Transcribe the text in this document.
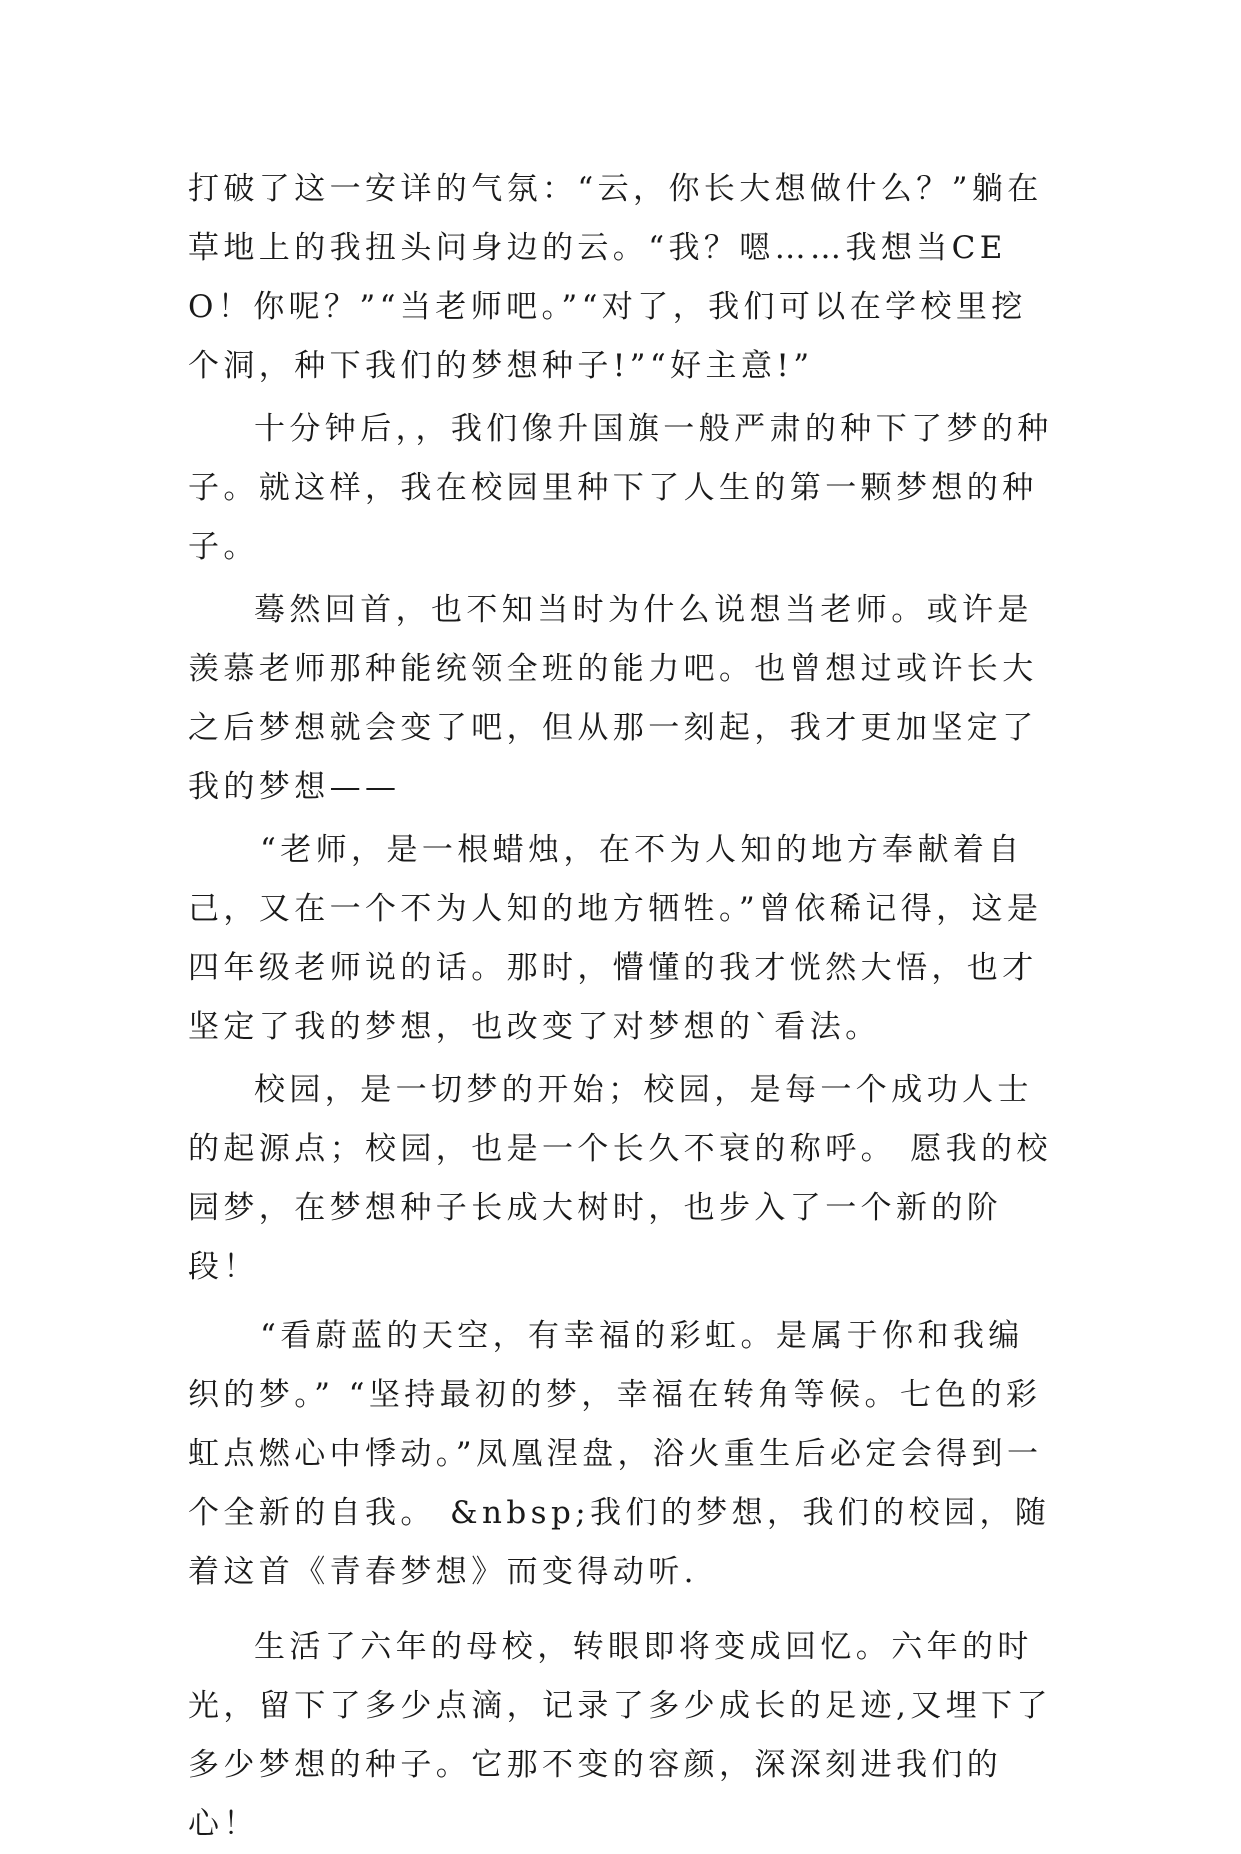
打破了这一安详的气氛：“云，你长大想做什么？”躺在草地上的我扭头问身边的云。“我？嗯……我想当CEO！你呢？”“当老师吧。”“对了，我们可以在学校里挖个洞，种下我们的梦想种子!”“好主意!”

十分钟后，，我们像升国旗一般严肃的种下了梦的种子。就这样，我在校园里种下了人生的第一颗梦想的种子。

蓦然回首，也不知当时为什么说想当老师。或许是羡慕老师那种能统领全班的能力吧。也曾想过或许长大之后梦想就会变了吧，但从那一刻起，我才更加坚定了我的梦想——

“老师，是一根蜡烛，在不为人知的地方奉献着自己，又在一个不为人知的地方牺牲。”曾依稀记得，这是四年级老师说的话。那时，懵懂的我才恍然大悟，也才坚定了我的梦想，也改变了对梦想的`看法。

校园，是一切梦的开始；校园，是每一个成功人士的起源点；校园，也是一个长久不衰的称呼。 愿我的校园梦，在梦想种子长成大树时，也步入了一个新的阶段！

“看蔚蓝的天空，有幸福的彩虹。是属于你和我编织的梦。” “坚持最初的梦，幸福在转角等候。七色的彩虹点燃心中悸动。”凤凰涅盘，浴火重生后必定会得到一个全新的自我。 &nbsp;我们的梦想，我们的校园，随着这首《青春梦想》而变得动听.

生活了六年的母校，转眼即将变成回忆。六年的时光，留下了多少点滴，记录了多少成长的足迹,又埋下了多少梦想的种子。它那不变的容颜，深深刻进我们的心！
